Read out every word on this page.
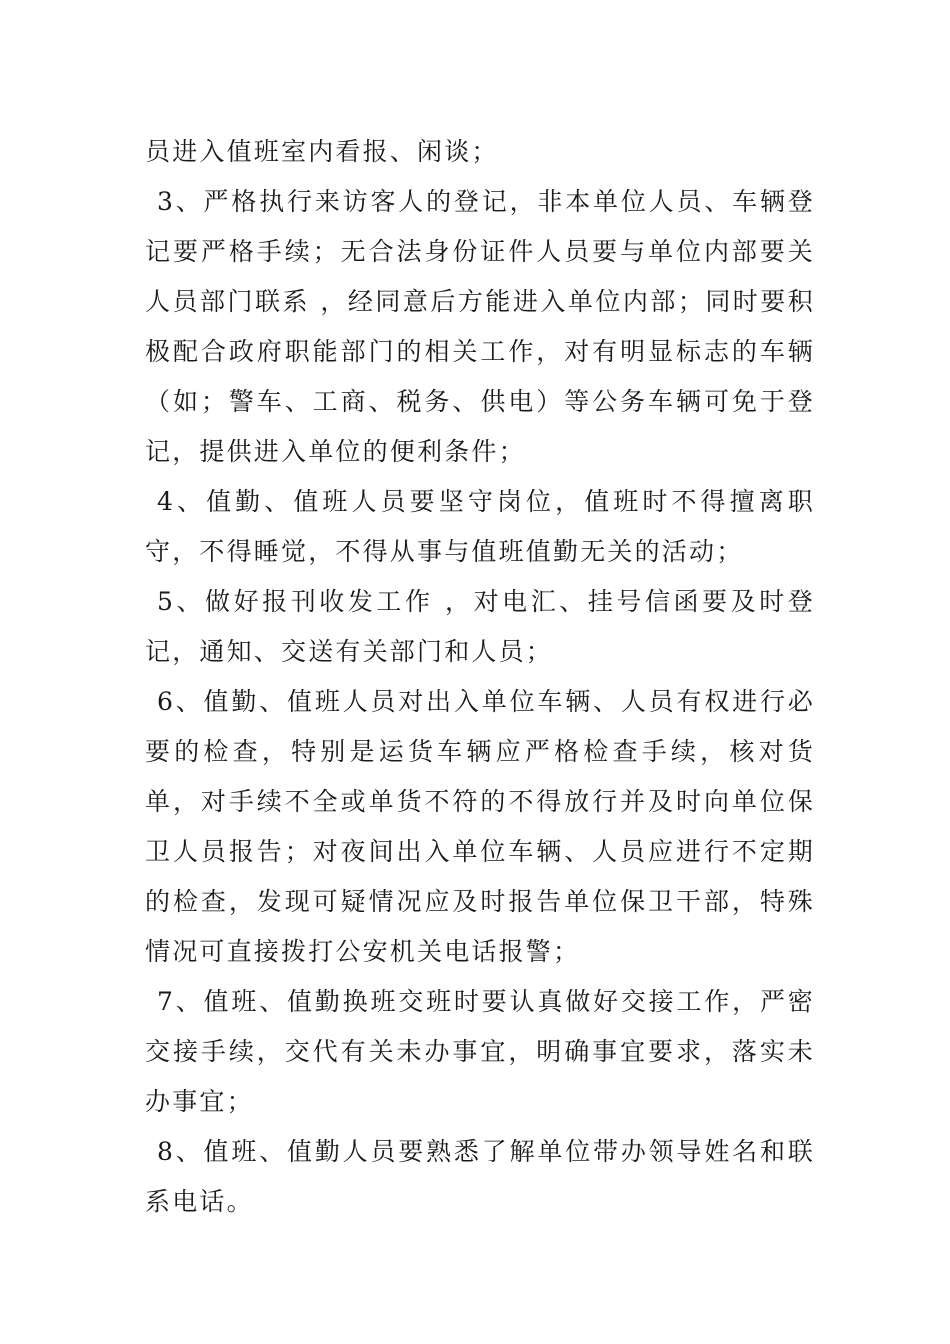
员进入值班室内看报、闲谈；

3、严格执行来访客人的登记，非本单位人员、车辆登记要严格手续；无合法身份证件人员要与单位内部要关人员部门联系 ，经同意后方能进入单位内部；同时要积极配合政府职能部门的相关工作，对有明显标志的车辆（如；警车、工商、税务、供电）等公务车辆可免于登记，提供进入单位的便利条件；

4、值勤、值班人员要坚守岗位，值班时不得擅离职守，不得睡觉，不得从事与值班值勤无关的活动；

5、做好报刊收发工作 ，对电汇、挂号信函要及时登记，通知、交送有关部门和人员；

6、值勤、值班人员对出入单位车辆、人员有权进行必要的检查，特别是运货车辆应严格检查手续，核对货单，对手续不全或单货不符的不得放行并及时向单位保卫人员报告；对夜间出入单位车辆、人员应进行不定期的检查，发现可疑情况应及时报告单位保卫干部，特殊情况可直接拨打公安机关电话报警；

7、值班、值勤换班交班时要认真做好交接工作，严密交接手续，交代有关未办事宜，明确事宜要求，落实未办事宜；

8、值班、值勤人员要熟悉了解单位带办领导姓名和联系电话。
